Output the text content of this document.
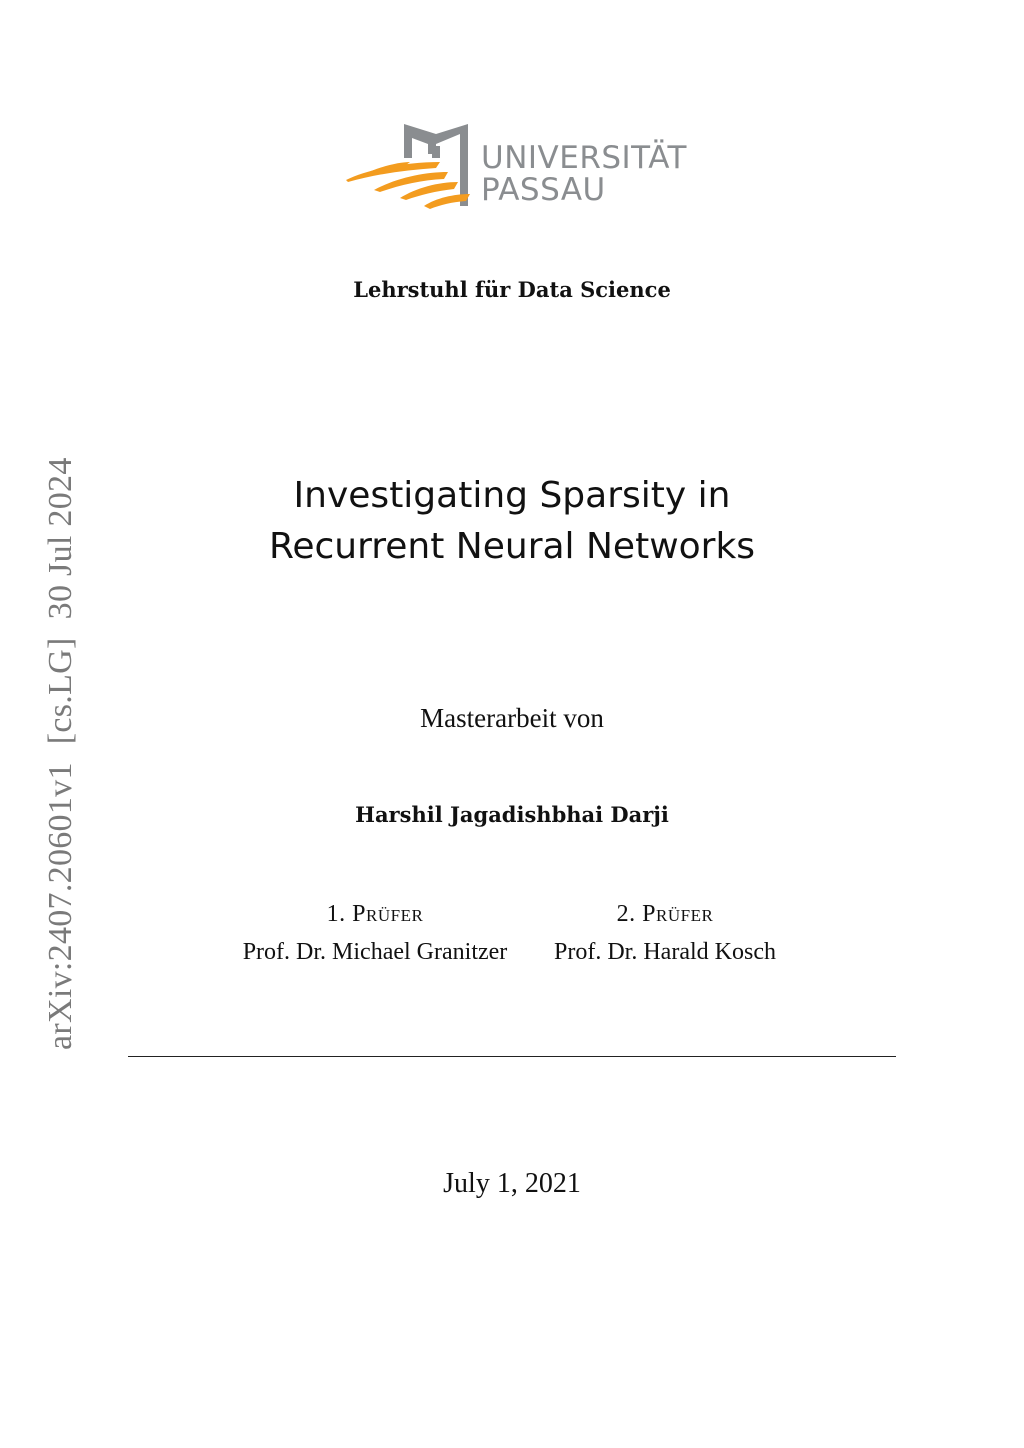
UNIVERSITÄT
PASSAU
Lehrstuhl für Data Science
arXiv:2407.20601v1[cs.LG]30 Jul 2024	Investigating Sparsity in
Recurrent Neural Networks
Masterarbeit von
Harshil Jagadishbhai Darji
1. Prüfer
Prof. Dr. Michael Granitzer
2. Prüfer
Prof. Dr. Harald Kosch
July 1, 2021
